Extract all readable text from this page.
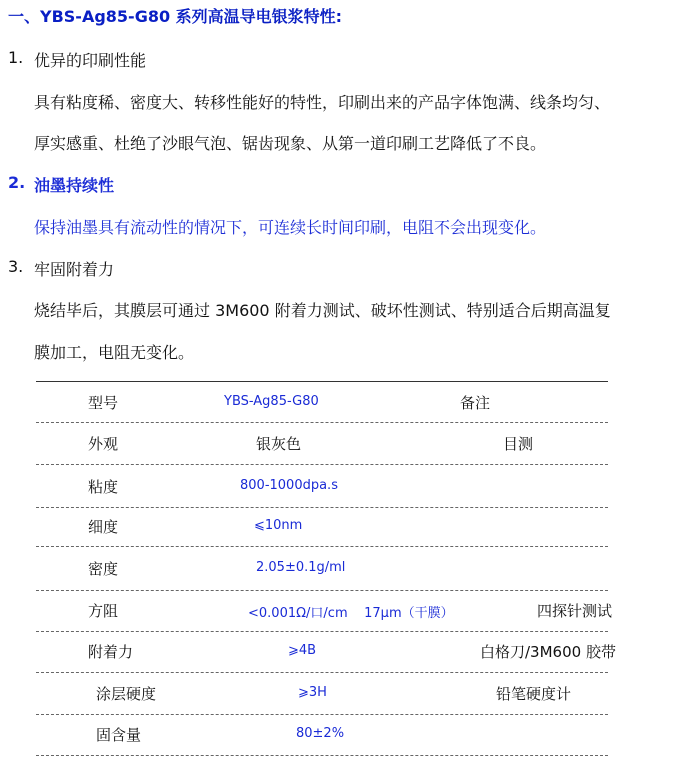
一、YBS-Ag85-G80 系列高温导电银浆特性:
1. 优异的印刷性能
具有粘度稀、密度大、转移性能好的特性，印刷出来的产品字体饱满、线条均匀、
厚实感重、杜绝了沙眼气泡、锯齿现象、从第一道印刷工艺降低了不良。
2. 油墨持续性
保持油墨具有流动性的情况下，可连续长时间印刷，电阻不会出现变化。
3. 牢固附着力
烧结毕后，其膜层可通过 3M600 附着力测试、破坏性测试、特别适合后期高温复
膜加工，电阻无变化。
型号	YBS-Ag85-G80	备注
外观	银灰色	目测
粘度	800-1000dpa.s
细度	⩽10nm
密度	2.05±0.1g/ml
方阻	<0.001Ω/口/cm    17μm（干膜）	四探针测试
附着力	⩾4B	白格刀/3M600 胶带
涂层硬度	⩾3H	铅笔硬度计
固含量	80±2%
